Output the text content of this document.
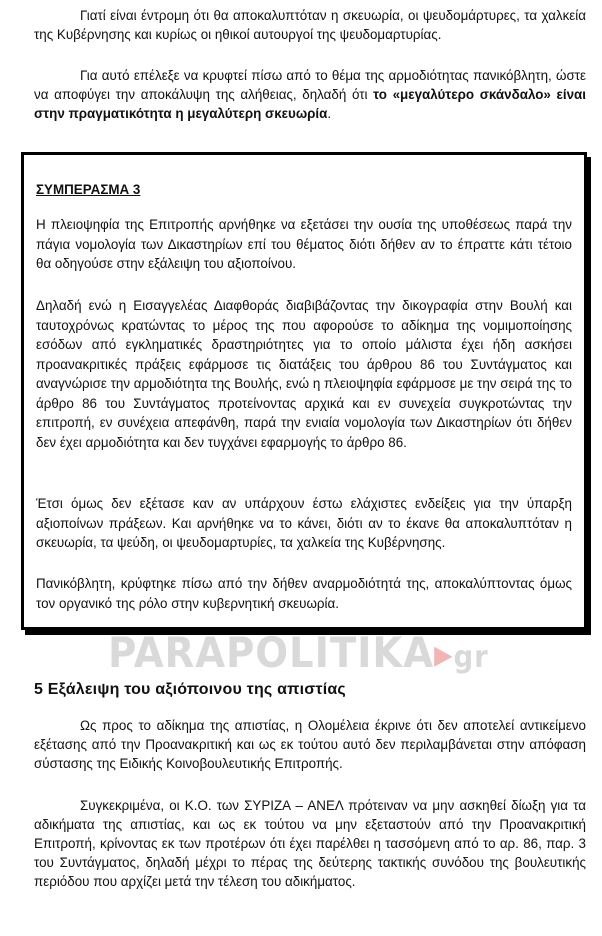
Γιατί είναι έντρομη ότι θα αποκαλυπτόταν η σκευωρία, οι ψευδομάρτυρες, τα χαλκεία της Κυβέρνησης και κυρίως οι ηθικοί αυτουργοί της ψευδομαρτυρίας.

Για αυτό επέλεξε να κρυφτεί πίσω από το θέμα της αρμοδιότητας πανικόβλητη, ώστε να αποφύγει την αποκάλυψη της αλήθειας, δηλαδή ότι το «μεγαλύτερο σκάνδαλο» είναι στην πραγματικότητα η μεγαλύτερη σκευωρία.

ΣΥΜΠΕΡΑΣΜΑ 3

Η πλειοψηφία της Επιτροπής αρνήθηκε να εξετάσει την ουσία της υποθέσεως παρά την πάγια νομολογία των Δικαστηρίων επί του θέματος διότι δήθεν αν το έπραττε κάτι τέτοιο θα οδηγούσε στην εξάλειψη του αξιοποίνου.

Δηλαδή ενώ η Εισαγγελέας Διαφθοράς διαβιβάζοντας την δικογραφία στην Βουλή και ταυτοχρόνως κρατώντας το μέρος της που αφορούσε το αδίκημα της νομιμοποίησης εσόδων από εγκληματικές δραστηριότητες για το οποίο μάλιστα έχει ήδη ασκήσει προανακριτικές πράξεις εφάρμοσε τις διατάξεις του άρθρου 86 του Συντάγματος και αναγνώρισε την αρμοδιότητα της Βουλής, ενώ η πλειοψηφία εφάρμοσε με την σειρά της το άρθρο 86 του Συντάγματος προτείνοντας αρχικά και εν συνεχεία συγκροτώντας την επιτροπή, εν συνέχεια απεφάνθη, παρά την ενιαία νομολογία των Δικαστηρίων ότι δήθεν δεν έχει αρμοδιότητα και δεν τυγχάνει εφαρμογής το άρθρο 86.

Έτσι όμως δεν εξέτασε καν αν υπάρχουν έστω ελάχιστες ενδείξεις για την ύπαρξη αξιοποίνων πράξεων. Και αρνήθηκε να το κάνει, διότι αν το έκανε θα αποκαλυπτόταν η σκευωρία, τα ψεύδη, οι ψευδομαρτυρίες, τα χαλκεία της Κυβέρνησης.

Πανικόβλητη, κρύφτηκε πίσω από την δήθεν αναρμοδιότητά της, αποκαλύπτοντας όμως τον οργανικό της ρόλο στην κυβερνητική σκευωρία.

PARAPOLITIKA▶gr
5 Εξάλειψη του αξιόποινου της απιστίας

Ως προς το αδίκημα της απιστίας, η Ολομέλεια έκρινε ότι δεν αποτελεί αντικείμενο εξέτασης από την Προανακριτική και ως εκ τούτου αυτό δεν περιλαμβάνεται στην απόφαση σύστασης της Ειδικής Κοινοβουλευτικής Επιτροπής.

Συγκεκριμένα, οι Κ.Ο. των ΣΥΡΙΖΑ – ΑΝΕΛ πρότειναν να μην ασκηθεί δίωξη για τα αδικήματα της απιστίας, και ως εκ τούτου να μην εξεταστούν από την Προανακριτική Επιτροπή, κρίνοντας εκ των προτέρων ότι έχει παρέλθει η τασσόμενη από το αρ. 86, παρ. 3 του Συντάγματος, δηλαδή μέχρι το πέρας της δεύτερης τακτικής συνόδου της βουλευτικής περιόδου που αρχίζει μετά την τέλεση του αδικήματος.
